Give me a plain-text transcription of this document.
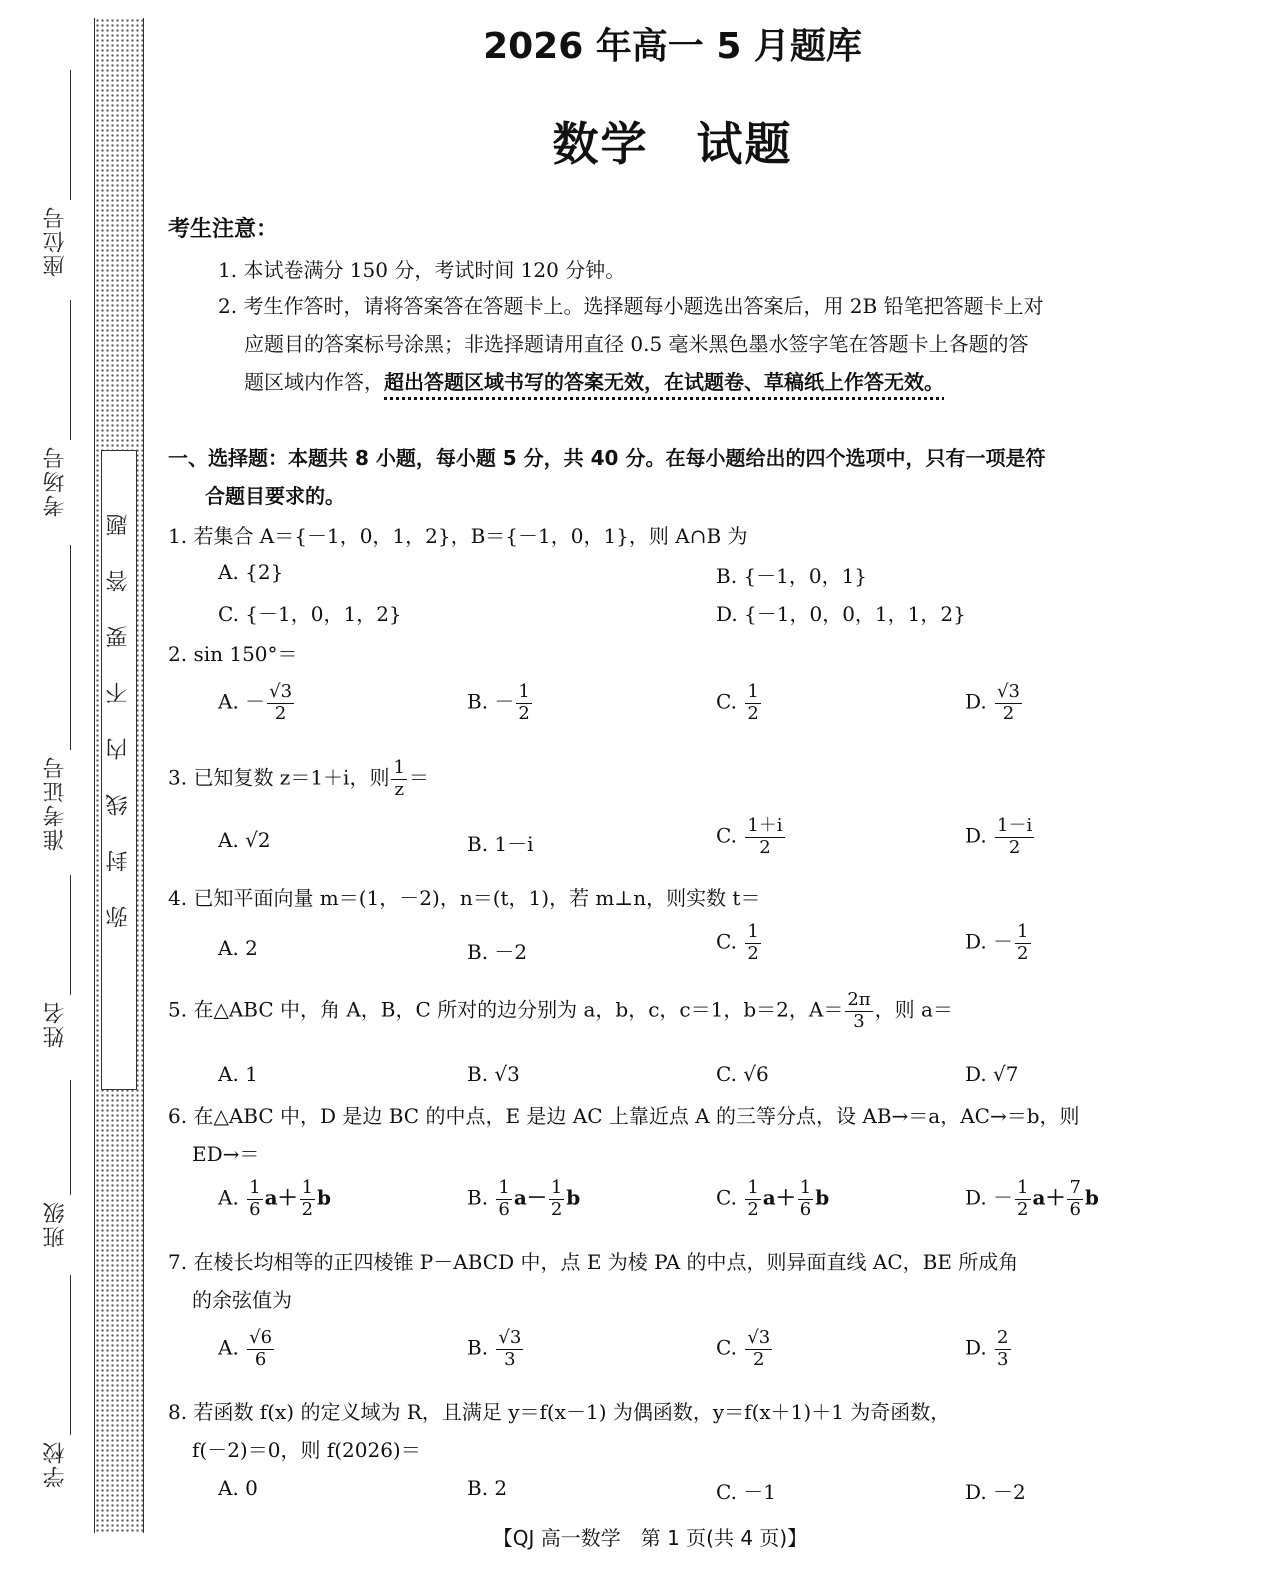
座位号
考场号
准考证号
姓名
班级
学校
弥封线内不要答题
2026 年高一 5 月题库
数学　试题
考生注意：
1. 本试卷满分 150 分，考试时间 120 分钟。
2. 考生作答时，请将答案答在答题卡上。选择题每小题选出答案后，用 2B 铅笔把答题卡上对
应题目的答案标号涂黑；非选择题请用直径 0.5 毫米黑色墨水签字笔在答题卡上各题的答
题区域内作答，超出答题区域书写的答案无效，在试题卷、草稿纸上作答无效。
一、选择题：本题共 8 小题，每小题 5 分，共 40 分。在每小题给出的四个选项中，只有一项是符
合题目要求的。
1. 若集合 A＝{－1，0，1，2}，B＝{－1，0，1}，则 A∩B 为
A. {2}	B. {－1，0，1}
C. {－1，0，1，2}	D. {－1，0，0，1，1，2}
2. sin 150°＝
A. － $\frac{√3}{2}$	B. － $\frac{1}{2}$	C. $\frac{1}{2}$	D. $\frac{√3}{2}$
3. 已知复数 z＝1＋i，则 $\frac{1}{z}$ ＝
A. √2	B. 1－i	C. $\frac{1+i}{2}$	D. $\frac{1-i}{2}$
4. 已知平面向量 m＝(1，－2)，n＝(t，1)，若 m⊥n，则实数 t＝
A. 2	B. －2	C. $\frac{1}{2}$	D. － $\frac{1}{2}$
5. 在△ABC 中，角 A，B，C 所对的边分别为 a，b，c，c＝1，b＝2，$A= \frac{2\pi}{3}$ ，则 a＝
A. 1	B. √3	C. √6	D. √7
6. 在△ABC 中，D 是边 BC 的中点，E 是边 AC 上靠近点 A 的三等分点，设 AB→＝a，AC→＝b，则
ED→＝
A. $\frac{1}{6} a+ \frac{1}{2}$ b	B. $\frac{1}{6} a- \frac{1}{2}$ b	C. $\frac{1}{2} a+ \frac{1}{6}$ b	D. － $\frac{1}{2} a+ \frac{7}{6}$ b
7. 在棱长均相等的正四棱锥 P－ABCD 中，点 E 为棱 PA 的中点，则异面直线 AC，BE 所成角
的余弦值为
A. $\frac{√6}{6}$	B. $\frac{√3}{3}$	C. $\frac{√3}{2}$	D. $\frac{2}{3}$
8. 若函数 f(x) 的定义域为 R，且满足 y＝f(x－1) 为偶函数，y＝f(x＋1)＋1 为奇函数，
f(－2)＝0，则 f(2026)＝
A. 0	B. 2	C. －1	D. －2
【QJ 高一数学　第 1 页(共 4 页)】
